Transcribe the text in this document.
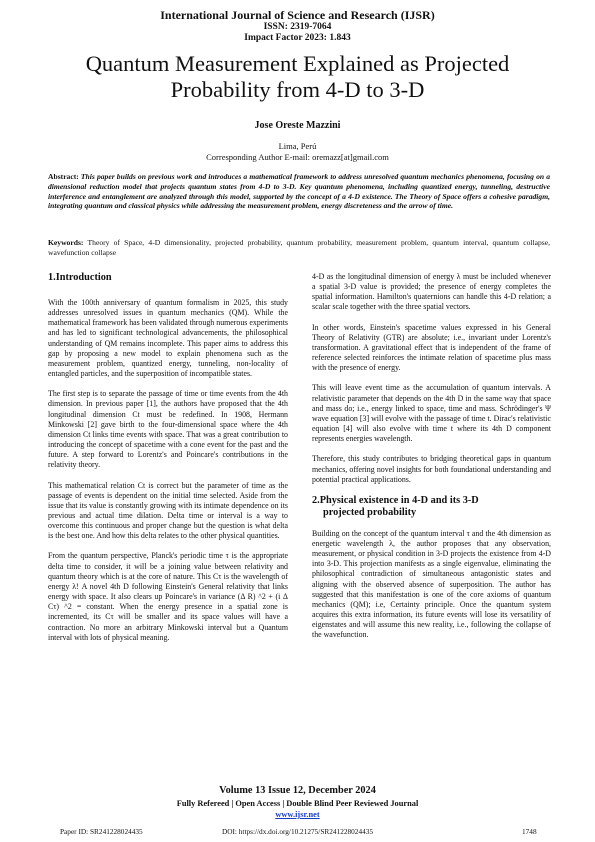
International Journal of Science and Research (IJSR)
ISSN: 2319-7064
Impact Factor 2023: 1.843
Quantum Measurement Explained as Projected Probability from 4-D to 3-D
Jose Oreste Mazzini
Lima, Perú
Corresponding Author E-mail: oremazz[at]gmail.com
Abstract: This paper builds on previous work and introduces a mathematical framework to address unresolved quantum mechanics phenomena, focusing on a dimensional reduction model that projects quantum states from 4-D to 3-D. Key quantum phenomena, including quantized energy, tunneling, destructive interference and entanglement are analyzed through this model, supported by the concept of a 4-D existence. The Theory of Space offers a cohesive paradigm, integrating quantum and classical physics while addressing the measurement problem, energy discreteness and the arrow of time.
Keywords: Theory of Space, 4-D dimensionality, projected probability, quantum probability, measurement problem, quantum interval, quantum collapse, wavefunction collapse
1.Introduction

With the 100th anniversary of quantum formalism in 2025, this study addresses unresolved issues in quantum mechanics (QM). While the mathematical framework has been validated through numerous experiments and has led to significant technological advancements, the philosophical understanding of QM remains incomplete. This paper aims to address this gap by proposing a new model to explain phenomena such as the measurement problem, quantized energy, tunneling, non-locality of entangled particles, and the superposition of incompatible states.

The first step is to separate the passage of time or time events from the 4th dimension. In previous paper [1], the authors have proposed that the 4th longitudinal dimension Ct must be redefined. In 1908, Hermann Minkowski [2] gave birth to the four-dimensional space where the 4th dimension Ct links time events with space. That was a great contribution to introducing the concept of spacetime with a cone event for the past and the future. A step forward to Lorentz's and Poincare's contributions in the relativity theory.

This mathematical relation Ct is correct but the parameter of time as the passage of events is dependent on the initial time selected. Aside from the issue that its value is constantly growing with its intimate dependence on its previous and actual time dilation. Delta time or interval is a way to overcome this continuous and proper change but the question is what delta is the best one. And how this delta relates to the other physical quantities.

From the quantum perspective, Planck's periodic time τ is the appropriate delta time to consider, it will be a joining value between relativity and quantum theory which is at the core of nature. This Cτ is the wavelength of energy λ! A novel 4th D following Einstein's General relativity that links energy with space. It also clears up Poincare's in variance (Δ R) ^2 + (i Δ Cτ) ^2 = constant. When the energy presence in a spatial zone is incremented, its Cτ will be smaller and its space values will have a contraction. No more an arbitrary Minkowski interval but a Quantum interval with lots of physical meaning.

4-D as the longitudinal dimension of energy λ must be included whenever a spatial 3-D value is provided; the presence of energy completes the spatial information. Hamilton's quaternions can handle this 4-D relation; a scalar scale together with the three spatial vectors.

In other words, Einstein's spacetime values expressed in his General Theory of Relativity (GTR) are absolute; i.e., invariant under Lorentz's transformation. A gravitational effect that is independent of the frame of reference selected reinforces the intimate relation of spacetime plus mass with the presence of energy.

This will leave event time as the accumulation of quantum intervals. A relativistic parameter that depends on the 4th D in the same way that space and mass do; i.e., energy linked to space, time and mass. Schrödinger's Ψ wave equation [3] will evolve with the passage of time t. Dirac's relativistic equation [4] will also evolve with time t where its 4th D component represents energies wavelength.

Therefore, this study contributes to bridging theoretical gaps in quantum mechanics, offering novel insights for both foundational understanding and potential practical applications.

2.Physical existence in 4-D and its 3-D
projected probability

Building on the concept of the quantum interval τ and the 4th dimension as energetic wavelength λ, the author proposes that any observation, measurement, or physical condition in 3-D projects the existence from 4-D into 3-D. This projection manifests as a single eigenvalue, eliminating the philosophical contradiction of simultaneous antagonistic states and aligning with the observed absence of superposition. The author has suggested that this manifestation is one of the core axioms of quantum mechanics (QM); i.e, Certainty principle. Once the quantum system acquires this extra information, its future events will lose its versatility of eigenstates and will assume this new reality, i.e., following the collapse of the wavefunction.

Volume 13 Issue 12, December 2024
Fully Refereed | Open Access | Double Blind Peer Reviewed Journal
www.ijsr.net
Paper ID: SR241228024435	DOI: https://dx.doi.org/10.21275/SR241228024435	1748
